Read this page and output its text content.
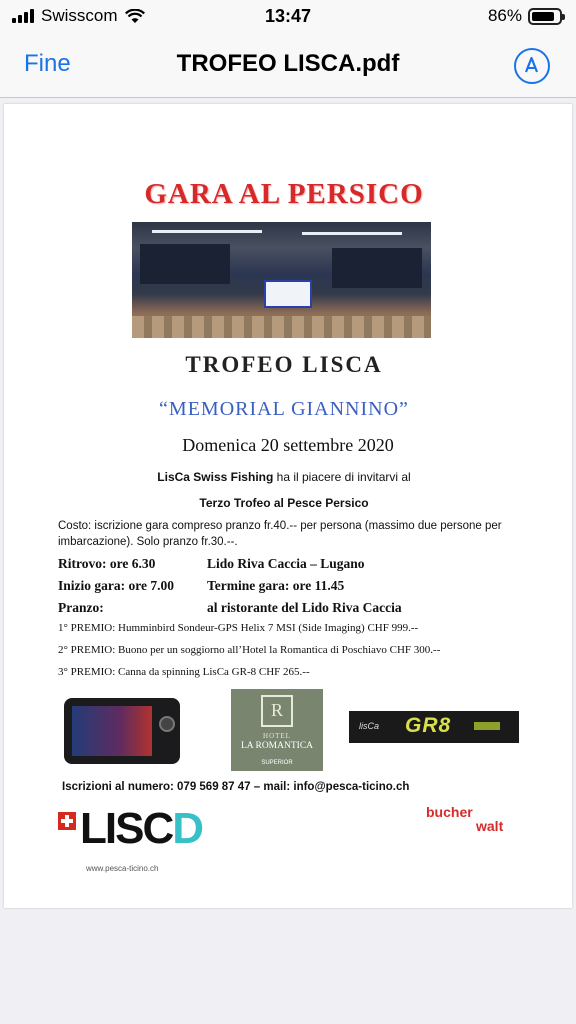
Swisscom	13:47	86%
Fine	TROFEO LISCA.pdf
GARA AL PERSICO
TROFEO LISCA
“MEMORIAL GIANNINO”
Domenica 20 settembre 2020
LisCa Swiss Fishing ha il piacere di invitarvi al
Terzo Trofeo al Pesce Persico
Costo: iscrizione gara compreso pranzo fr.40.-- per persona (massimo due persone per imbarcazione). Solo pranzo fr.30.--.
Ritrovo: ore 6.30	Lido Riva Caccia – Lugano
Inizio gara: ore 7.00 Termine gara: ore 11.45
Pranzo:	al ristorante del Lido Riva Caccia
1° PREMIO: Humminbird Sondeur-GPS Helix 7 MSI (Side Imaging) CHF 999.--
2° PREMIO: Buono per un soggiorno all’Hotel la Romantica di Poschiavo CHF 300.--
3° PREMIO: Canna da spinning LisCa GR-8 CHF 265.--
R
HOTEL
LA ROMANTICA
SUPERIOR
lisCa GR8
Iscrizioni al numero: 079 569 87 47 – mail: info@pesca-ticino.ch
LISCD
www.pesca-ticino.ch
bucher
walt
